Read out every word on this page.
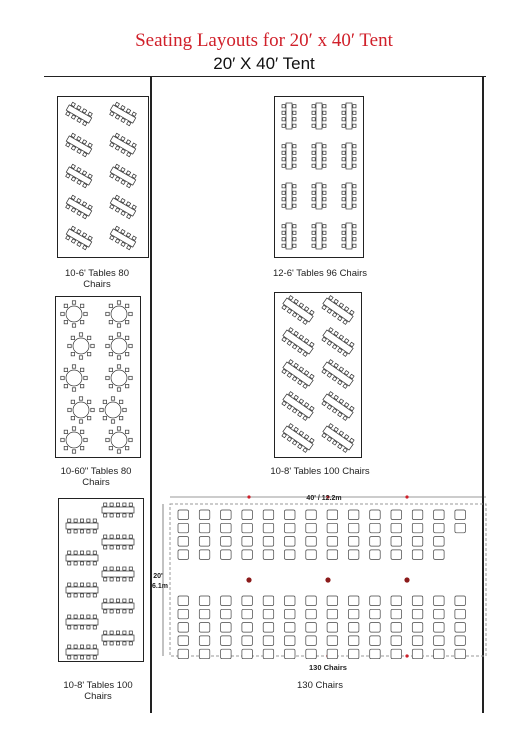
Seating Layouts for 20′ x 40′ Tent
20′ X 40′ Tent
10-6' Tables 80 Chairs
12-6' Tables 96 Chairs
10-60" Tables 80 Chairs
10-8' Tables 100 Chairs
10-8' Tables 100 Chairs
40' / 12.2m
20'
6.1m
130 Chairs
130 Chairs
